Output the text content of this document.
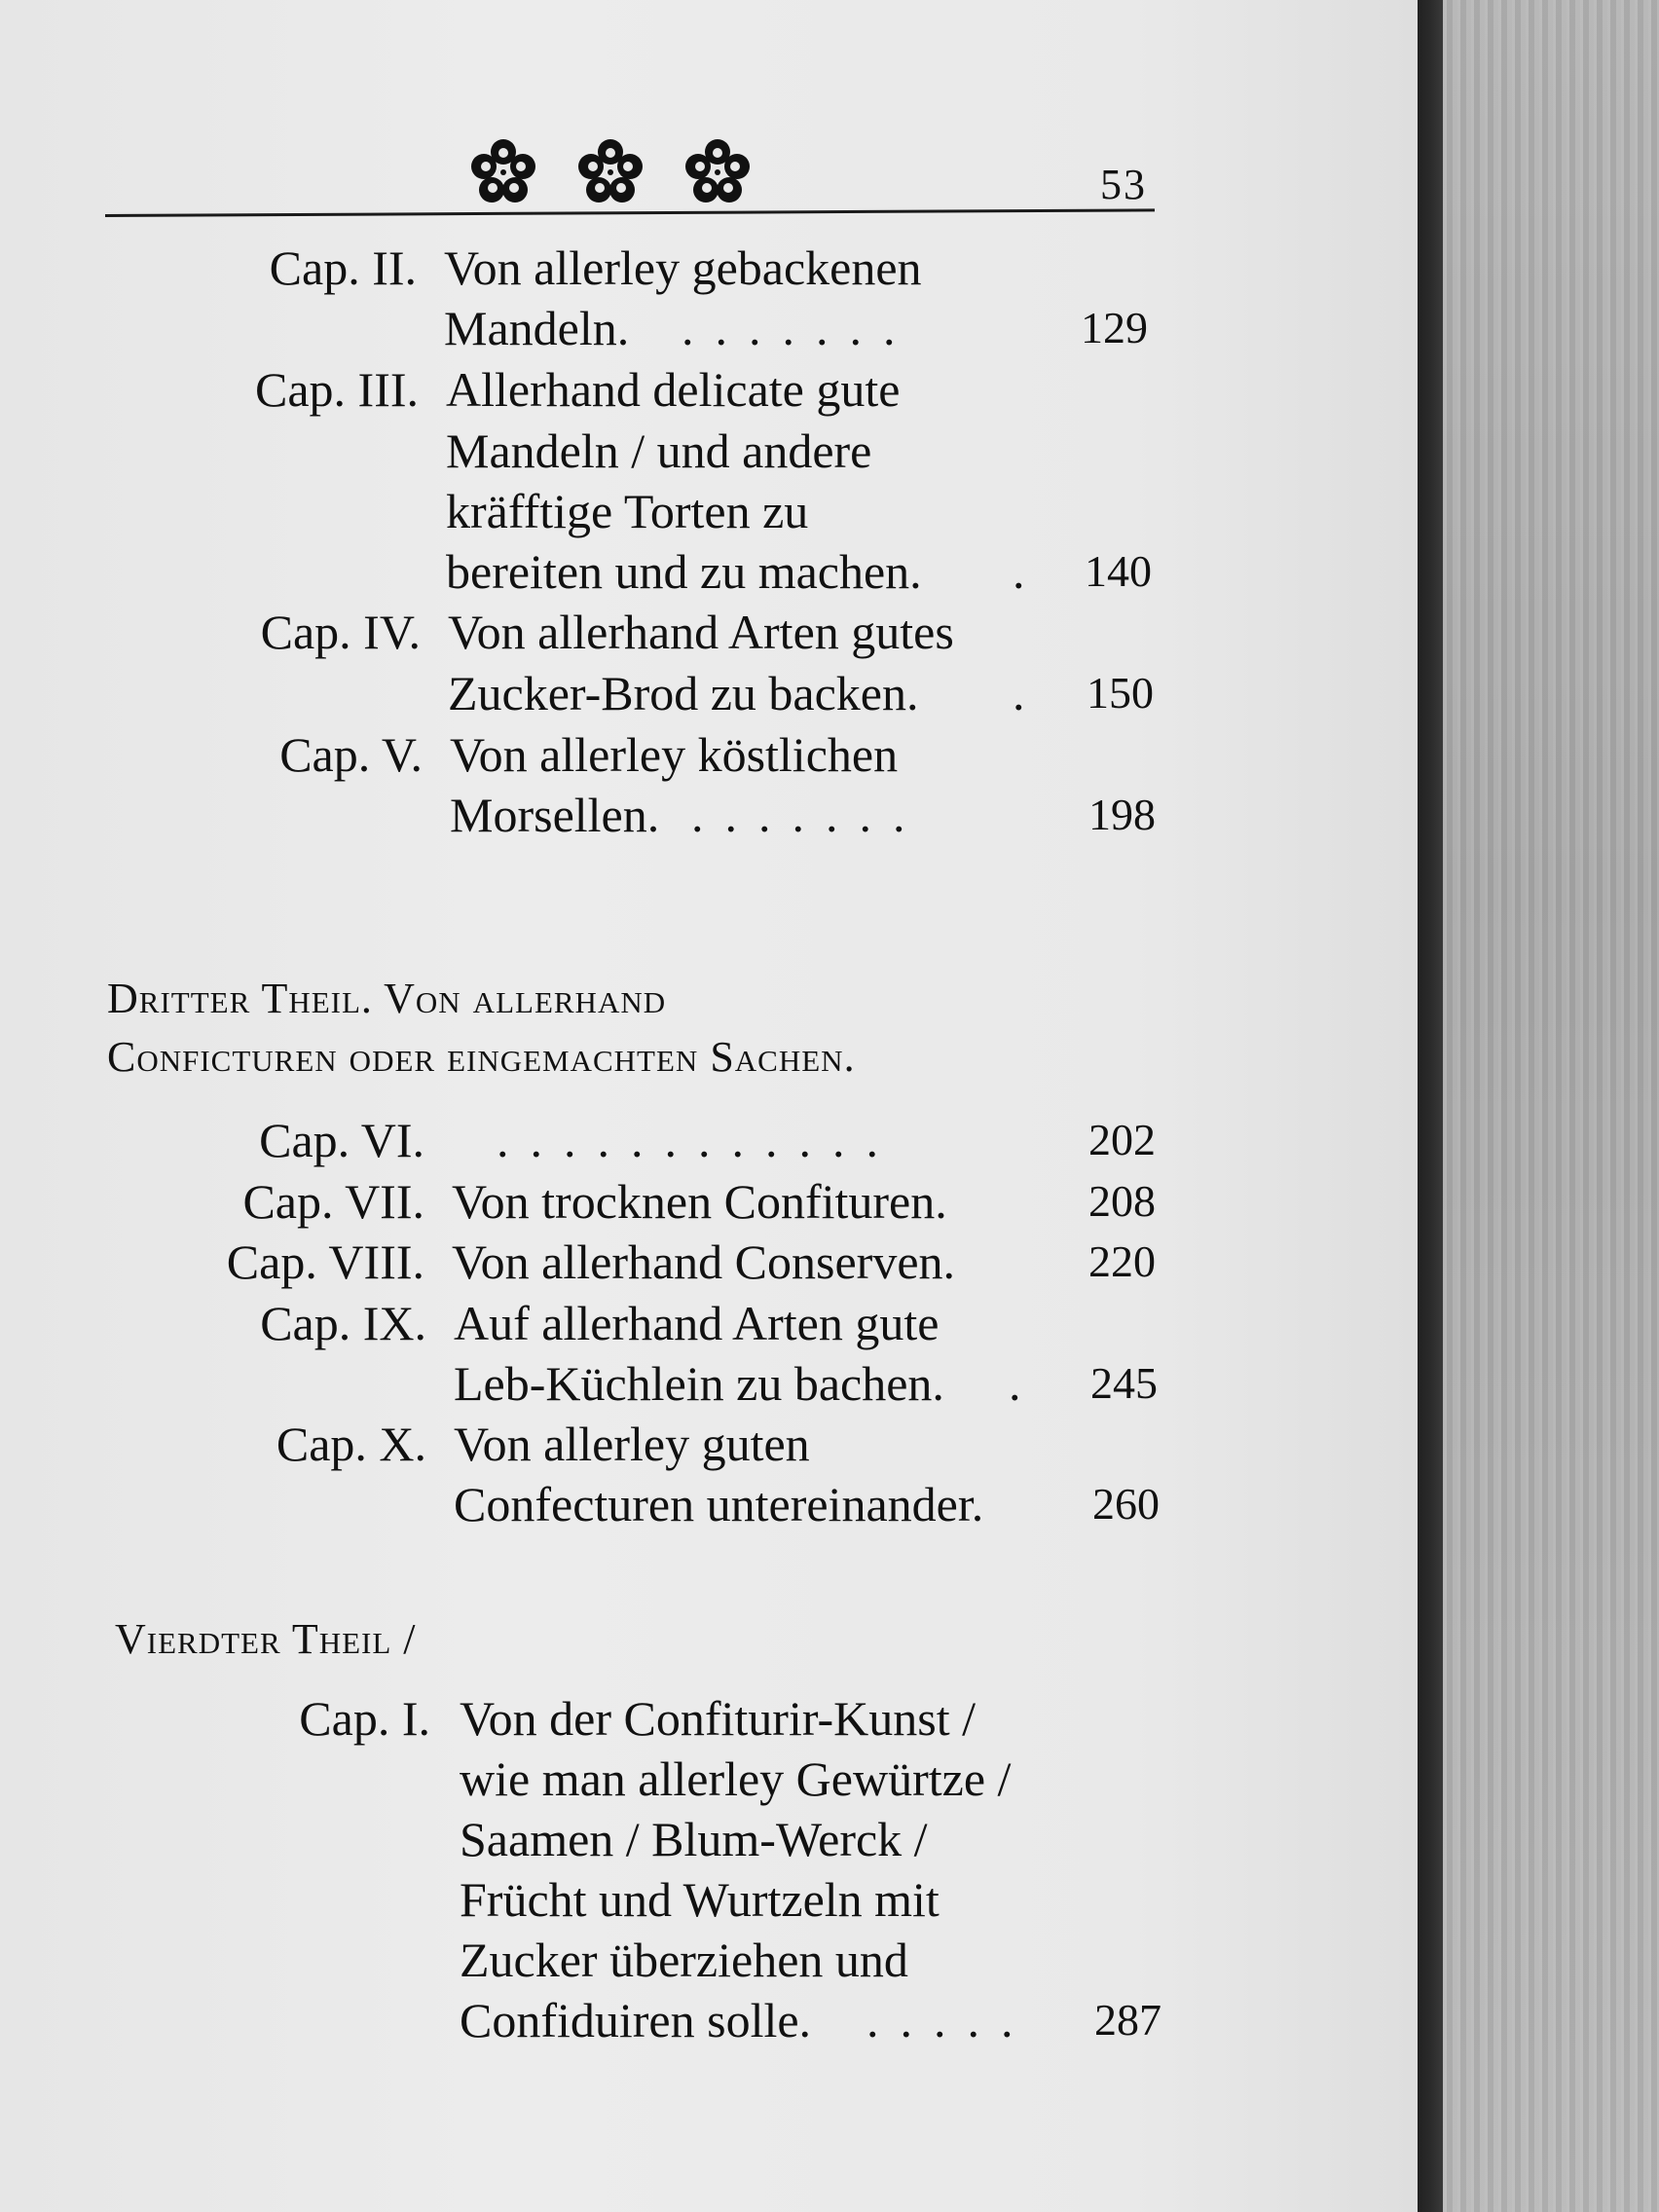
53
Cap. II. Von allerley gebackenen
Mandeln. .......	129
Cap. III. Allerhand delicate gute
Mandeln / und andere
kräfftige Torten zu
bereiten und zu machen. . 140
Cap. IV. Von allerhand Arten gutes
Zucker-Brod zu backen. . 150
Cap. V. Von allerley köstlichen
Morsellen. .......	198
Dritter Theil. Von allerhand
Conficturen oder eingemachten Sachen.
Cap. VI. ............	202
Cap. VII. Von trocknen Confituren.	208
Cap. VIII. Von allerhand Conserven.	220
Cap. IX. Auf allerhand Arten gute
Leb-Küchlein zu bachen. . 245
Cap. X. Von allerley guten
Confecturen untereinander. 260
Vierdter Theil /
Cap. I. Von der Confiturir-Kunst /
wie man allerley Gewürtze /
Saamen / Blum-Werck /
Frücht und Wurtzeln mit
Zucker überziehen und
Confiduiren solle. ..... 287
